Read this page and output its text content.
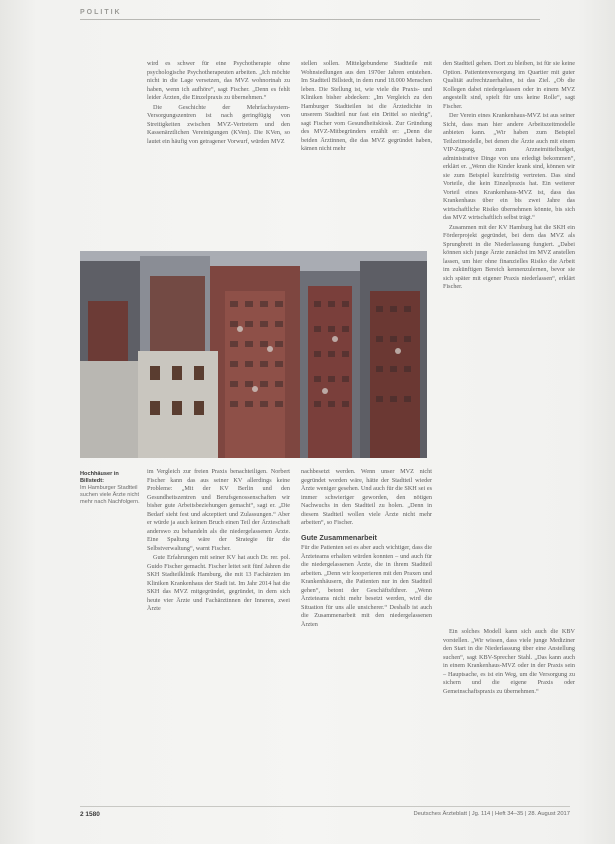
POLITIK

wird es schwer für eine Psychotherapie ohne psychologische Psychotherapeuten arbeiten. „Ich möchte nicht in die Lage versetzen, das MVZ wohnortnah zu haben, wenn ich aufhöre“, sagt Fischer. „Denn es fehlt leider Ärzten, die Einzelpraxis zu übernehmen.“

Die Geschichte der Mehrfachsystem-Versorgungszentren ist nach geringfügig von Streitigkeiten zwischen MVZ-Vertretern und den Kassenärztlichen Vereinigungen (KVen). Die KVen, so lautet ein häufig von getragener Vorwurf, würden MVZ

stellen sollen. Mittelgebundene Stadtteile mit Wohnsiedlungen aus den 1970er Jahren entstehen. Im Stadtteil Billstedt, in dem rund 18.000 Menschen leben. Die Stellung ist, wie viele die Praxis- und Kliniken bisher abdecken: „Im Vergleich zu den Hamburger Stadtteilen ist die Ärztedichte in unserem Stadtteil nur fast ein Drittel so niedrig“, sagt Fischer vom Gesundheitskiosk. Zur Gründung des MVZ-Mitbegründers erzählt er: „Denn die beiden Ärztinnen, die das MVZ gegründet haben, kämen nicht mehr

den Stadtteil gehen. Dort zu bleiben, ist für sie keine Option. Patientenversorgung im Quartier mit guter Qualität aufrechtzuerhalten, ist das Ziel. „Ob die Kollegen dabei niedergelassen oder in einem MVZ angestellt sind, spielt für uns keine Rolle“, sagt Fischer.

Der Verein eines Krankenhaus-MVZ ist aus seiner Sicht, dass man hier andere Arbeitszeitmodelle anbieten kann. „Wir haben zum Beispiel Teilzeitmodelle, bei denen die Ärzte auch mit einem VIP-Zugang, zum Arzneimittelbudget, administrative Dinge von uns erledigt bekommen“, erklärt er. „Wenn die Kinder krank sind, können wir sie zum Beispiel kurzfristig vertreten. Das sind Vorteile, die kein Einzelpraxis hat. Ein weiterer Vorteil eines Krankenhaus-MVZ ist, dass das Krankenhaus über ein bis zwei Jahre das wirtschaftliche Risiko übernehmen könnte, bis sich das MVZ wirtschaftlich selbst trägt.“

Zusammen mit der KV Hamburg hat die SKH ein Förderprojekt gegründet, bei dem das MVZ als Sprungbrett in die Niederlassung fungiert. „Dabei können sich junge Ärzte zunächst im MVZ anstellen lassen, um hier ohne finanzielles Risiko die Arbeit im zukünftigen Bereich kennenzulernen, bevor sie sich später mit eigener Praxis niederlassen“, erklärt Fischer.

Hochhäuser in Billstedt:
Im Hamburger Stadtteil suchen viele Ärzte nicht mehr nach Nachfolgern.

im Vergleich zur freien Praxis benachteiligen. Norbert Fischer kann das aus seiner KV allerdings keine Probleme: „Mit der KV Berlin und den Gesundheitszentren und Berufsgenossenschaften wir bisher gute Arbeitsbeziehungen gemacht“, sagt er. „Die Bedarf sieht fest und akzeptiert und Zulassungen.“ Aber er würde ja auch keinen Bruch einen Teil der Ärzteschaft anderswo zu behandeln als die niedergelassenen Ärzte. Eine Spaltung wäre der Strategie für die Selbstverwaltung“, warnt Fischer.

Gute Erfahrungen mit seiner KV hat auch Dr. rer. pol. Guido Fischer gemacht. Fischer leitet seit fünf Jahren die SKH Stadteilklinik Hamburg, die mit 13 Fachärzten im Kliniken Krankenhaus der Stadt ist. Im Jahr 2014 hat die SKH das MVZ mitgegründet, gegründet, in dem sich heute vier Ärzte und Fachärztinnen der Inneren, zwei Ärzte

nachbesetzt werden. Wenn unser MVZ nicht gegründet worden wäre, hätte der Stadtteil wieder Ärzte weniger gesehen. Und auch für die SKH sei es immer schwieriger geworden, den nötigen Nachwuchs in den Stadtteil zu holen. „Denn in diesem Stadtteil wollen viele Ärzte nicht mehr arbeiten“, so Fischer.

Gute Zusammenarbeit

Für die Patienten sei es aber auch wichtiger, dass die Ärzteteams erhalten würden konnten – und auch für die niedergelassenen Ärzte, die in ihrem Stadtteil arbeiten. „Denn wir kooperieren mit den Praxen und Krankenhäusern, die Patienten nur in den Stadtteil gehen“, betont der Geschäftsführer. „Wenn Ärzteteams nicht mehr besetzt werden, wird die Situation für uns alle unsicherer.“ Deshalb ist auch die Zusammenarbeit mit den niedergelassenen Ärzten

Ein solches Modell kann sich auch die KBV vorstellen. „Wir wissen, dass viele junge Mediziner den Start in die Niederlassung über eine Anstellung suchen“, sagt KBV-Sprecher Stahl. „Das kann auch in einem Krankenhaus-MVZ oder in der Praxis sein – Hauptsache, es ist ein Weg, um die Versorgung zu sichern und die eigene Praxis oder Gemeinschaftspraxis zu übernehmen.“

2 1580	Deutsches Ärzteblatt | Jg. 114 | Heft 34–35 | 28. August 2017
